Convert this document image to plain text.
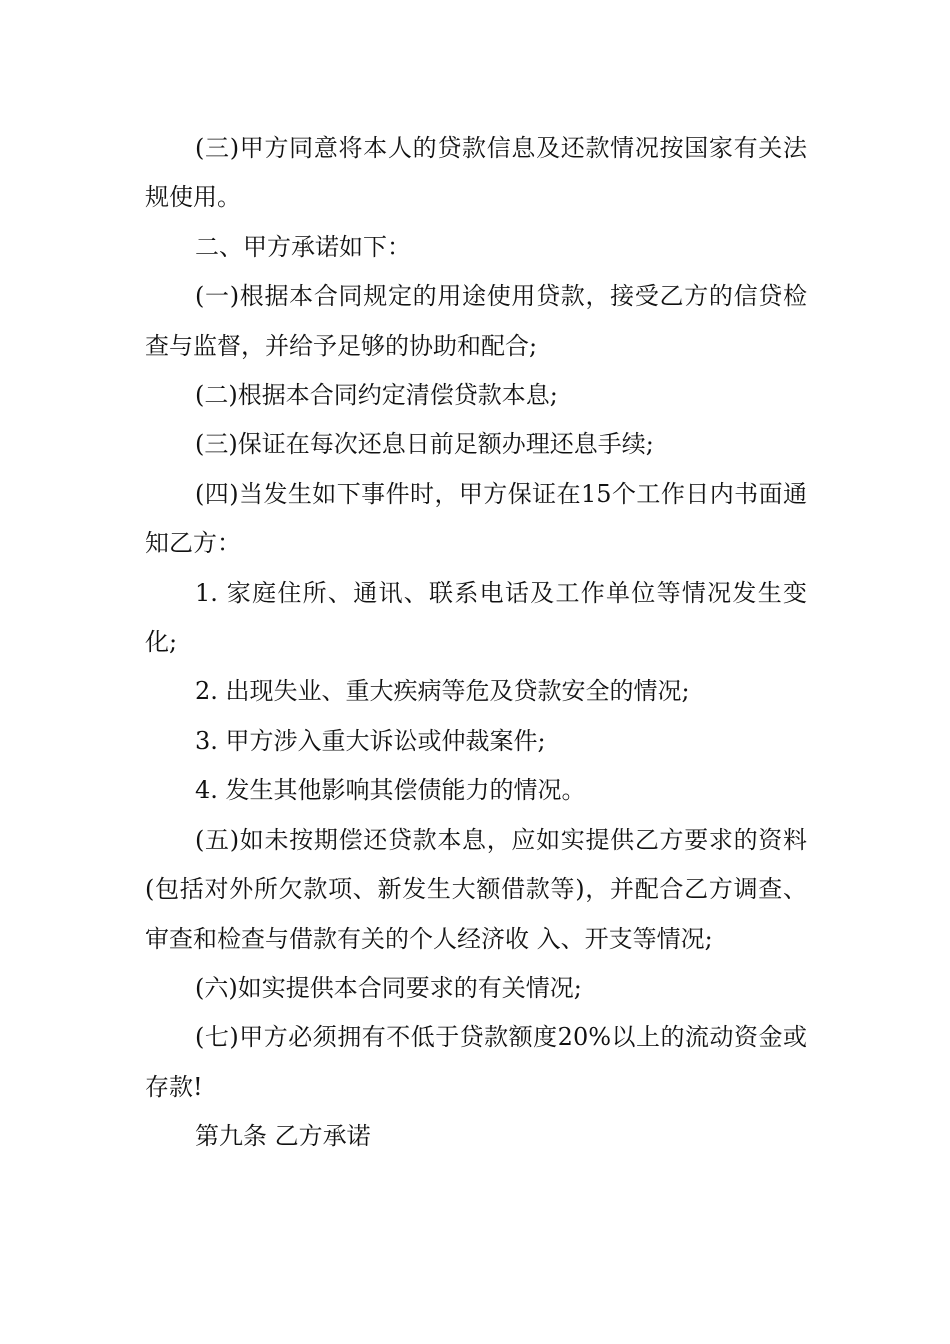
(三)甲方同意将本人的贷款信息及还款情况按国家有关法规使用。

二、甲方承诺如下：

(一)根据本合同规定的用途使用贷款，接受乙方的信贷检查与监督，并给予足够的协助和配合;

(二)根据本合同约定清偿贷款本息;

(三)保证在每次还息日前足额办理还息手续;

(四)当发生如下事件时，甲方保证在15个工作日内书面通知乙方：

1. 家庭住所、通讯、联系电话及工作单位等情况发生变化;

2. 出现失业、重大疾病等危及贷款安全的情况;

3. 甲方涉入重大诉讼或仲裁案件;

4. 发生其他影响其偿债能力的情况。

(五)如未按期偿还贷款本息，应如实提供乙方要求的资料(包括对外所欠款项、新发生大额借款等)，并配合乙方调查、审查和检查与借款有关的个人经济收 入、开支等情况;

(六)如实提供本合同要求的有关情况;

(七)甲方必须拥有不低于贷款额度20%以上的流动资金或存款!

第九条 乙方承诺
